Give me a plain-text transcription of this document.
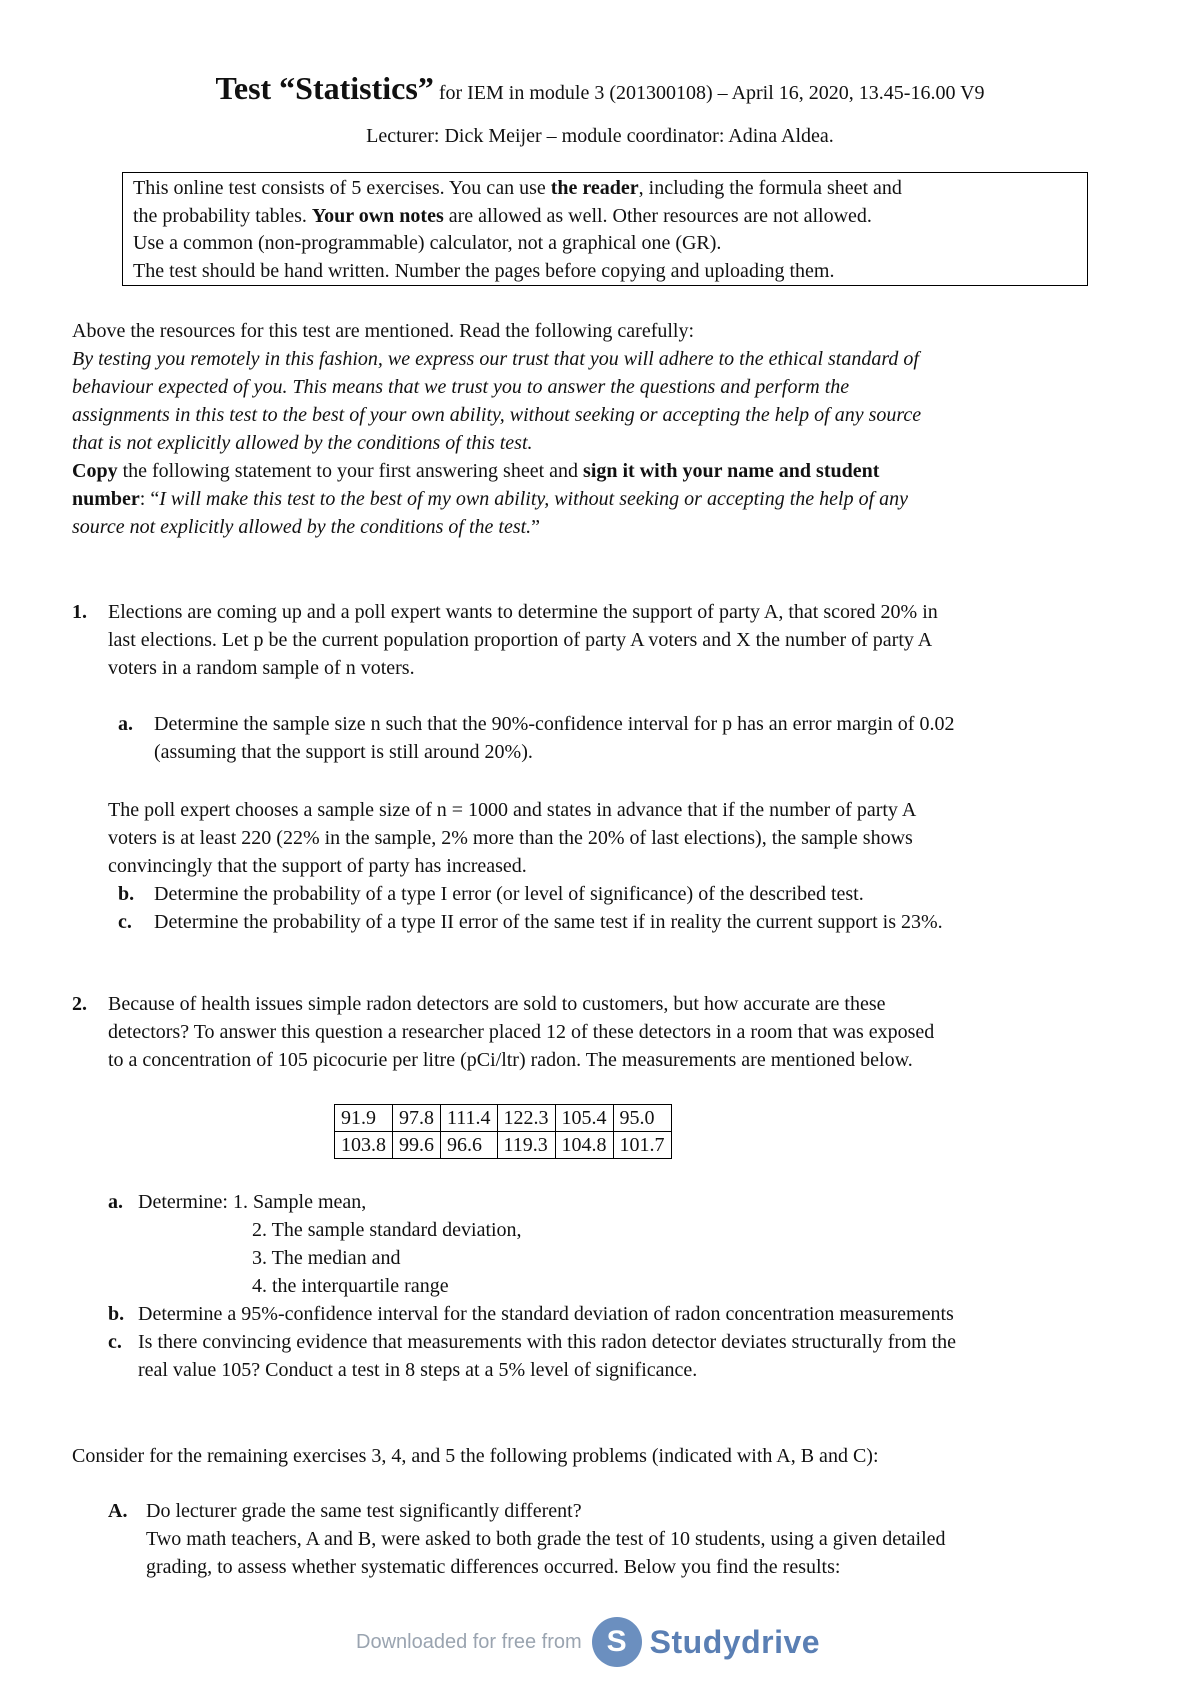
Test “Statistics” for IEM in module 3 (201300108) – April 16, 2020, 13.45-16.00 V9
Lecturer: Dick Meijer – module coordinator: Adina Aldea.
This online test consists of 5 exercises. You can use the reader, including the formula sheet and
the probability tables. Your own notes are allowed as well. Other resources are not allowed.
Use a common (non-programmable) calculator, not a graphical one (GR).
The test should be hand written. Number the pages before copying and uploading them.
Above the resources for this test are mentioned. Read the following carefully:
By testing you remotely in this fashion, we express our trust that you will adhere to the ethical standard of
behaviour expected of you. This means that we trust you to answer the questions and perform the
assignments in this test to the best of your own ability, without seeking or accepting the help of any source
that is not explicitly allowed by the conditions of this test.
Copy the following statement to your first answering sheet and sign it with your name and student
number: “I will make this test to the best of my own ability, without seeking or accepting the help of any
source not explicitly allowed by the conditions of the test.”
1. Elections are coming up and a poll expert wants to determine the support of party A, that scored 20% in
last elections. Let p be the current population proportion of party A voters and X the number of party A
voters in a random sample of n voters.
a. Determine the sample size n such that the 90%-confidence interval for p has an error margin of 0.02
(assuming that the support is still around 20%).
The poll expert chooses a sample size of n = 1000 and states in advance that if the number of party A
voters is at least 220 (22% in the sample, 2% more than the 20% of last elections), the sample shows
convincingly that the support of party has increased.
b. Determine the probability of a type I error (or level of significance) of the described test.
c. Determine the probability of a type II error of the same test if in reality the current support is 23%.
2. Because of health issues simple radon detectors are sold to customers, but how accurate are these
detectors? To answer this question a researcher placed 12 of these detectors in a room that was exposed
to a concentration of 105 picocurie per litre (pCi/ltr) radon. The measurements are mentioned below.
91.9	97.8	111.4	122.3	105.4	95.0
103.8	99.6	96.6	119.3	104.8	101.7
a. Determine: 1. Sample mean,
2. The sample standard deviation,
3. The median and
4. the interquartile range
b. Determine a 95%-confidence interval for the standard deviation of radon concentration measurements
c. Is there convincing evidence that measurements with this radon detector deviates structurally from the
real value 105? Conduct a test in 8 steps at a 5% level of significance.
Consider for the remaining exercises 3, 4, and 5 the following problems (indicated with A, B and C):
A. Do lecturer grade the same test significantly different?
Two math teachers, A and B, were asked to both grade the test of 10 students, using a given detailed
grading, to assess whether systematic differences occurred. Below you find the results:
Downloaded for free from S Studydrive
